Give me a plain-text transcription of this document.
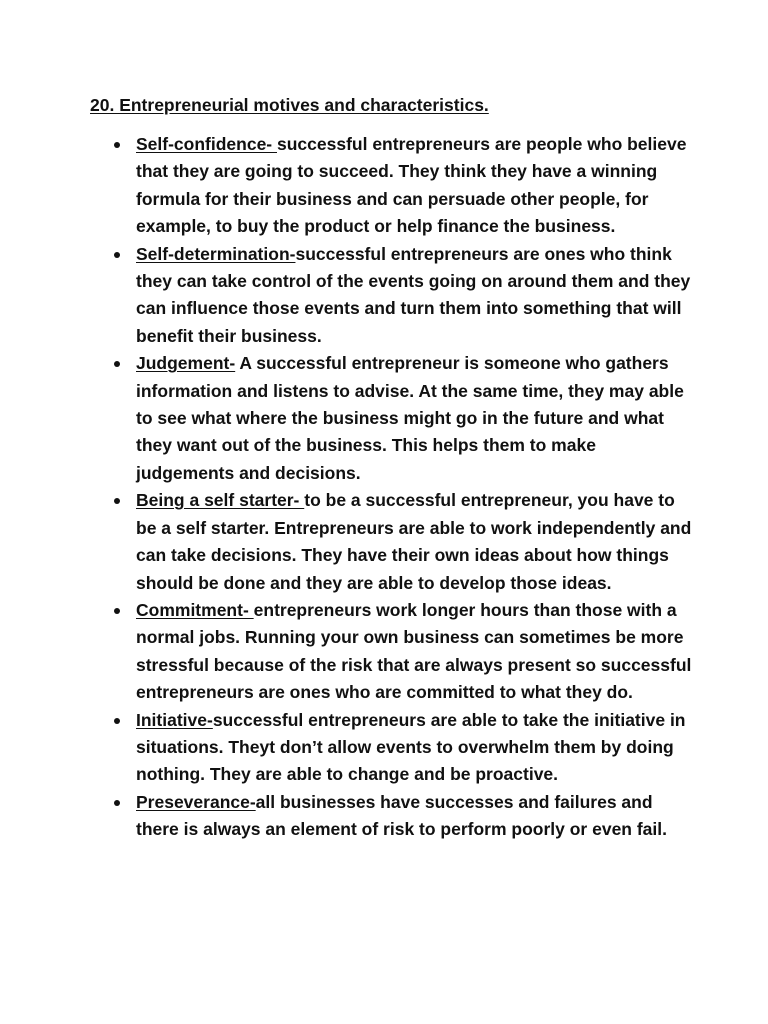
20. Entrepreneurial motives and characteristics.
Self-confidence- successful entrepreneurs are people who believe that they are going to succeed. They think they have a winning formula for their business and can persuade other people, for example, to buy the product or help finance the business.
Self-determination-successful entrepreneurs are ones who think they can take control of the events going on around them and they can influence those events and turn them into something that will benefit their business.
Judgement- A successful entrepreneur is someone who gathers information and listens to advise. At the same time, they may able to see what where the business might go in the future and what they want out of the business. This helps them to make judgements and decisions.
Being a self starter- to be a successful entrepreneur, you have to be a self starter. Entrepreneurs are able to work independently and can take decisions. They have their own ideas about how things should be done and they are able to develop those ideas.
Commitment- entrepreneurs work longer hours than those with a normal jobs. Running your own business can sometimes be more stressful because of the risk that are always present so successful entrepreneurs are ones who are committed to what they do.
Initiative-successful entrepreneurs are able to take the initiative in situations. Theyt don’t allow events to overwhelm them by doing nothing. They are able to change and be proactive.
Preseverance-all businesses have successes and failures and there is always an element of risk to perform poorly or even fail.
